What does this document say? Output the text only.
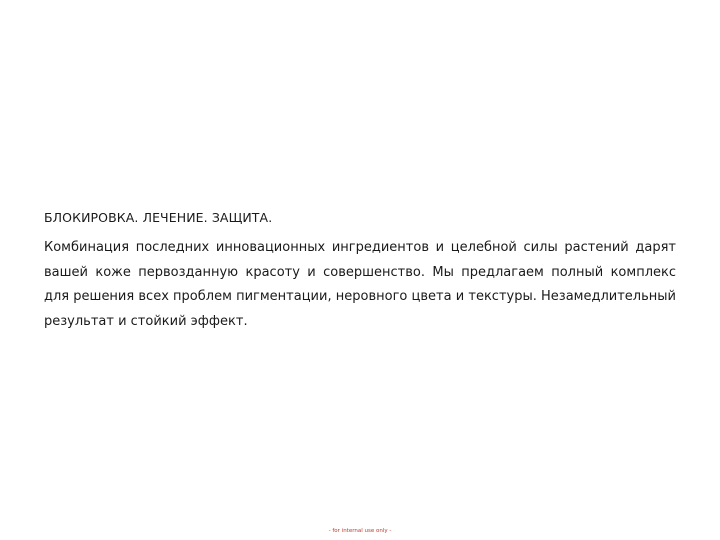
БЛОКИРОВКА. ЛЕЧЕНИЕ. ЗАЩИТА.

Комбинация последних инновационных ингредиентов и целебной силы растений дарят вашей коже первозданную красоту и совершенство. Мы предлагаем полный комплекс для решения всех проблем пигментации, неровного цвета и текстуры. Незамедлительный результат и стойкий эффект.

- for internal use only -
